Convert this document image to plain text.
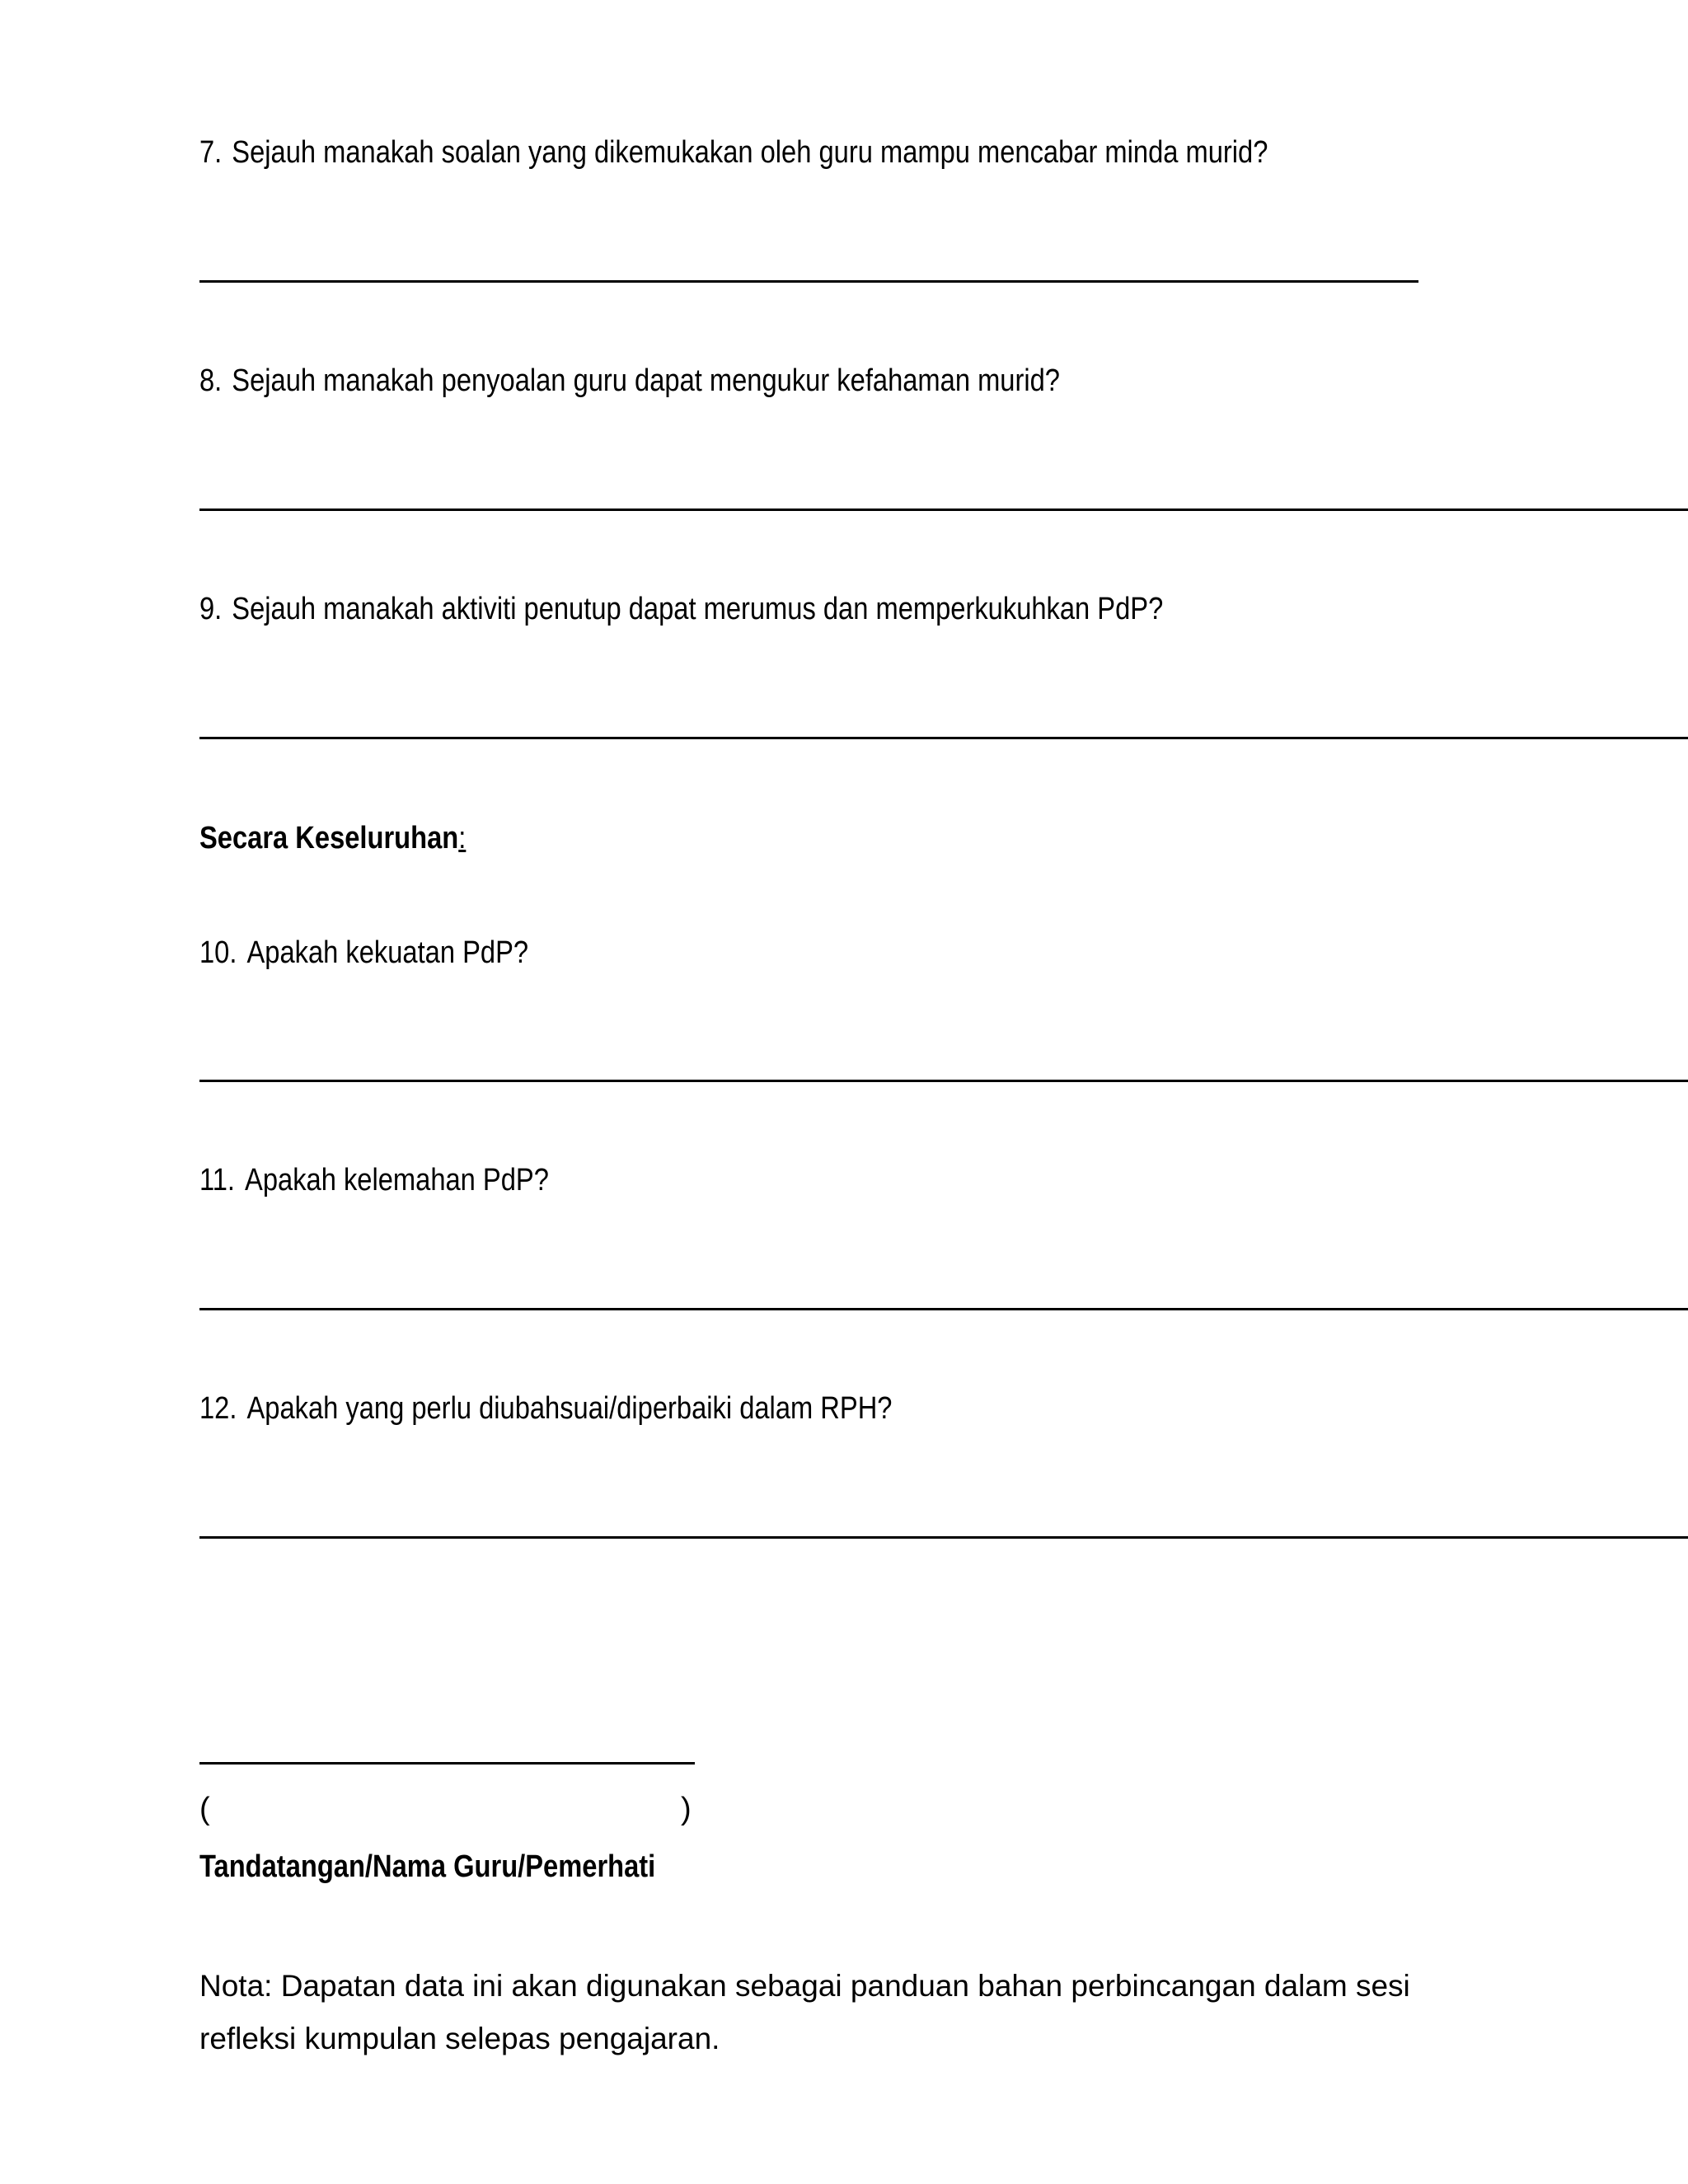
7. Sejauh manakah soalan yang dikemukakan oleh guru mampu mencabar minda murid?
8. Sejauh manakah penyoalan guru dapat mengukur kefahaman murid?
9. Sejauh manakah aktiviti penutup dapat merumus dan memperkukuhkan PdP?
Secara Keseluruhan:
10. Apakah kekuatan PdP?
11. Apakah kelemahan PdP?
12. Apakah yang perlu diubahsuai/diperbaiki dalam RPH?
(	)
Tandatangan/Nama Guru/Pemerhati
Nota: Dapatan data ini akan digunakan sebagai panduan bahan perbincangan dalam sesi
refleksi kumpulan selepas pengajaran.
